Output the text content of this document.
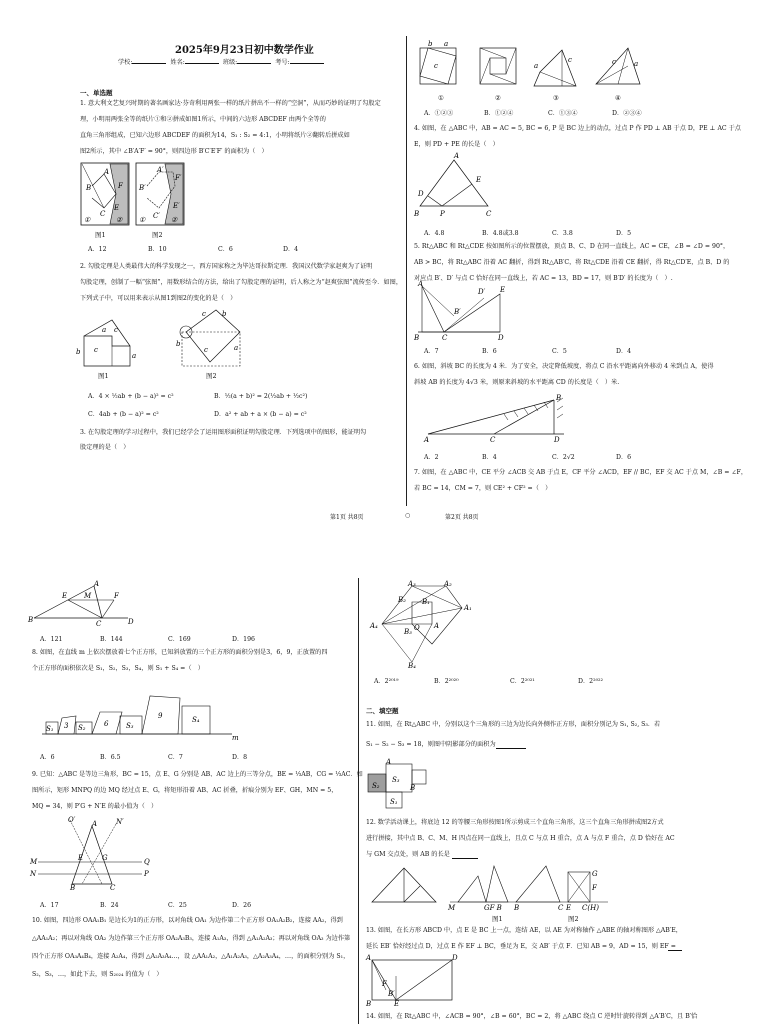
2025年9月23日初中数学作业
学校:	姓名:	班级:	考号:
一、单选题
1. 意大利文艺复兴时期的著名画家达·芬奇利用两张一样的纸片拼出不一样的“空洞”，从而巧妙的证明了勾股定
理，小明用两张全等的纸片①和②拼成如图1所示，中间的六边形 ABCDEF 由两个全等的
直角三角形组成，已知六边形 ABCDEF 的面积为14，S₁ : S₂ = 4:1，小明将纸片②翻转后拼成如
图2所示，其中 ∠B′A′F′ = 90°，则四边形 B′C′E′F′ 的面积为（　）
B
A
F
C
E
①	②
B′
A′
F′
C′
E′
①	②
图1	图2
A．12	B．10	C．6	D．4
2. 勾股定理是人类最伟大的科学发现之一，西方国家称之为毕达哥拉斯定理．我国汉代数学家赵爽为了证明
勾股定理，创制了一幅“弦图”，用数形结合的方法，给出了勾股定理的证明，后人称之为“赵爽弦图”流传至今．如图，
下列式子中，可以用来表示从图1到图2的变化的是（　）
b c
c
a
a
c b
b
c	a
图1	图2
A．4 × ½ab + (b − a)² = c²	B．½(a + b)² = 2(½ab + ½c²)
C．4ab + (b − a)² = c²	D．a² + ab + a × (b − a) = c²
3. 在勾股定理的学习过程中，我们已经学会了运用图形面积证明勾股定理．下列选项中的图形，能证明勾
股定理的是（　）
第1页 共8页	○	第2页 共8页
b a
c	a
c	c	a
①	②	③	④
A．①②③	B．①②④	C．①③④	D．②③④
4. 如图，在 △ABC 中，AB = AC = 5, BC = 6, P 是 BC 边上的动点，过点 P 作 PD ⊥ AB 于点 D，PE ⊥ AC 于点
E，则 PD + PE 的长是（　）
A
B	P	C
D
E
A．4.8	B．4.8或3.8	C．3.8	D．5
5. Rt△ABC 和 Rt△CDE 按如图所示的位置摆放，顶点 B、C、D 在同一直线上，AC = CE，∠B = ∠D = 90°，
AB > BC，将 Rt△ABC 沿着 AC 翻折，得到 Rt△AB′C，将 Rt△CDE 沿着 CE 翻折，得 Rt△CD′E，点 B、D 的
对应点 B′、D′ 与点 C 恰好在同一直线上，若 AC = 13，BD = 17，则 B′D′ 的长度为（　）.
A
B	C	D
B′
D′ E
A．7	B．6	C．5	D．4
6. 如图，斜坡 BC 的长度为 4 米．为了安全，决定降低坡度，将点 C 沿水平距离向外移动 4 米到点 A，使得
斜坡 AB 的长度为 4√3 米，则原来斜坡的水平距离 CD 的长度是（　）米.
A	C	D
B
A．2	B．4	C．2√2	D．6
7. 如图，在 △ABC 中，CE 平分 ∠ACB 交 AB 于点 E，CF 平分 ∠ACD，EF // BC，EF 交 AC 于点 M，∠B = ∠F，
若 BC = 14，CM = 7，则 CE² + CF² =（　）
A
E M	F
B	C	D
A．121	B．144	C．169	D．196
8. 如图，在直线 m 上依次摆放着七个正方形，已知斜放置的三个正方形的面积分别是3，6，9，正放置的四
个正方形的面积依次是 S₁，S₂，S₃，S₄，则 S₁ + S₄ =（　）
S₁ 3 S₂	6	S₃
9	S₄
m
A．6	B．6.5	C．7	D．8
9. 已知：△ABC 是等边三角形，BC = 15，点 E、G 分别是 AB、AC 边上的三等分点，BE = ⅓AB，CG = ⅓AC．如
图所示，矩形 MNPQ 的边 MQ 经过点 E、G，将矩形沿着 AB、AC 折叠，折痕分别为 EF、GH，MN = 5，
MQ = 34，则 P′G + N′E 的最小值为（　）
O′	N′
A
M
N
Q
P
B	C
E	G
A．17	B．24	C．25	D．26
10. 如图，四边形 OAA₁B₁ 是边长为1的正方形，以对角线 OA₁ 为边作第二个正方形 OA₁A₂B₂，连接 AA₂，得到
△AA₁A₂；再以对角线 OA₂ 为边作第三个正方形 OA₂A₃B₃，连接 A₁A₃，得到 △A₁A₂A₃；再以对角线 OA₃ 为边作第
四个正方形 OA₃A₄B₄，连接 A₂A₄，得到 △A₂A₃A₄…，设 △AA₁A₂，△A₁A₂A₃，△A₂A₃A₄，…，的面积分别为 S₁，
S₂，S₃，…，如此下去，则 S₂₀₂₄ 的值为（　）
A₃	A₂
A₁
A₄	A
O
B₁
B₂
B₃
B₄
A．2²⁰¹⁹	B．2²⁰²⁰	C．2²⁰²¹	D．2²⁰²²
二、填空题
11. 如图，在 Rt△ABC 中，分别以这个三角形的三边为边长向外侧作正方形，面积分别记为 S₁, S₂, S₃．若
S₁ − S₂ − S₃ = 18，则图中阴影部分的面积为
S₂
S₃
S₁
A
B
12. 数学活动课上，将底边 12 的等腰三角形按图1所示剪成三个直角三角形，这三个直角三角形拼成图2方式
进行拼接，其中点 B、C、M、H 四点在同一直线上，且点 C 与点 H 重合，点 A 与点 F 重合，点 D 恰好在 AC
与 GM 交点处，则 AB 的长是
M	GF B B	C E C(H)
G
F
图1	图2
13. 如图，在长方形 ABCD 中，点 E 是 BC 上一点，连结 AE，以 AE 为对称轴作 △ABE 的轴对称图形 △AB′E，
延长 EB′ 恰好经过点 D，过点 E 作 EF ⊥ BC，垂足为 E，交 AB′ 于点 F．已知 AB = 9，AD = 15，则 EF =
A	D
B	E
F
B′
14. 如图，在 Rt△ABC 中，∠ACB = 90°，∠B = 60°，BC = 2，将 △ABC 绕点 C 逆时针旋转得到 △A′B′C，且 B′恰
